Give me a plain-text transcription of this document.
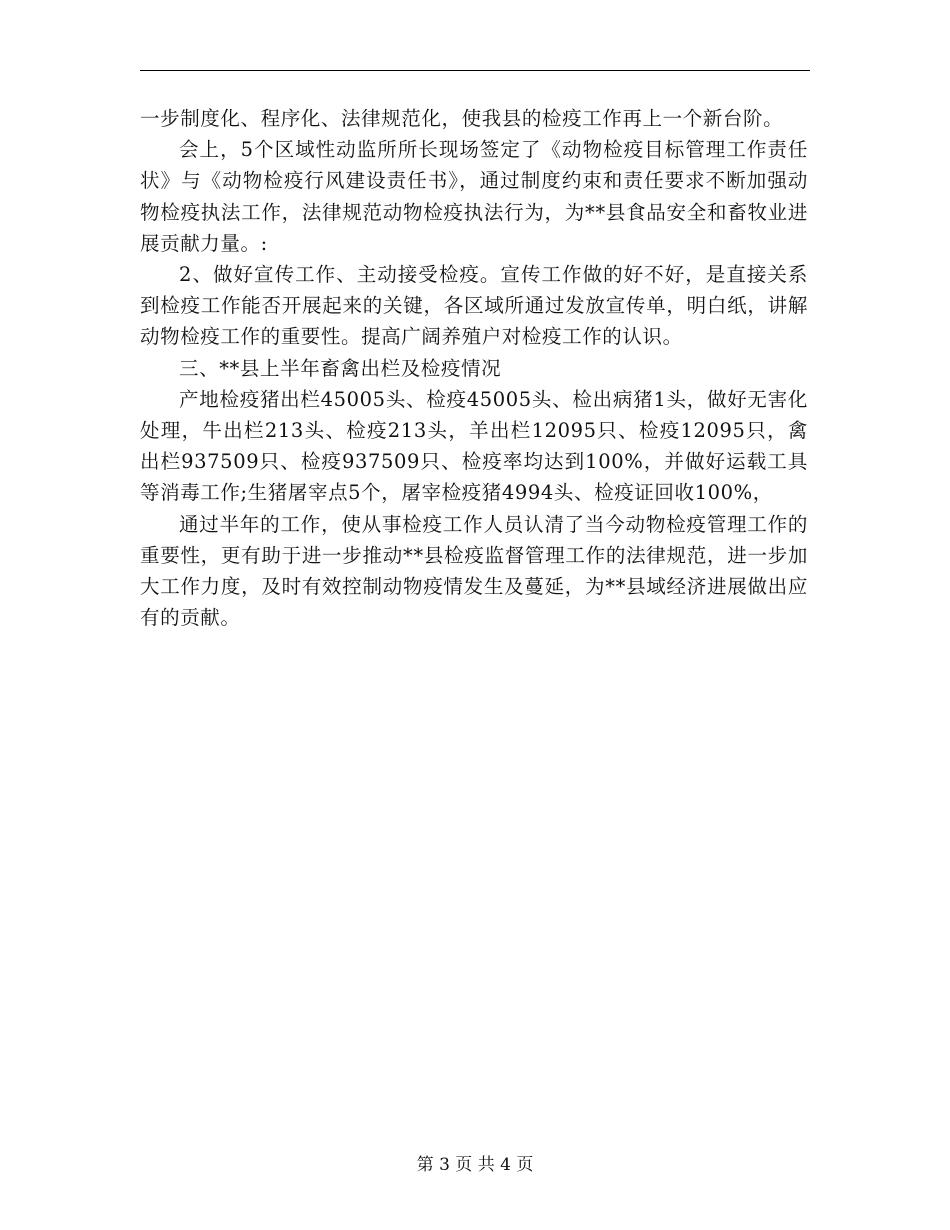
一步制度化、程序化、法律规范化，使我县的检疫工作再上一个新台阶。

会上，5个区域性动监所所长现场签定了《动物检疫目标管理工作责任状》与《动物检疫行风建设责任书》，通过制度约束和责任要求不断加强动物检疫执法工作，法律规范动物检疫执法行为，为**县食品安全和畜牧业进展贡献力量。:

2、做好宣传工作、主动接受检疫。宣传工作做的好不好，是直接关系到检疫工作能否开展起来的关键，各区域所通过发放宣传单，明白纸，讲解动物检疫工作的重要性。提高广阔养殖户对检疫工作的认识。

三、**县上半年畜禽出栏及检疫情况

产地检疫猪出栏45005头、检疫45005头、检出病猪1头，做好无害化处理，牛出栏213头、检疫213头，羊出栏12095只、检疫12095只，禽出栏937509只、检疫937509只、检疫率均达到100%，并做好运载工具等消毒工作;生猪屠宰点5个，屠宰检疫猪4994头、检疫证回收100%，

通过半年的工作，使从事检疫工作人员认清了当今动物检疫管理工作的重要性，更有助于进一步推动**县检疫监督管理工作的法律规范，进一步加大工作力度，及时有效控制动物疫情发生及蔓延，为**县域经济进展做出应有的贡献。

第 3 页 共 4 页
